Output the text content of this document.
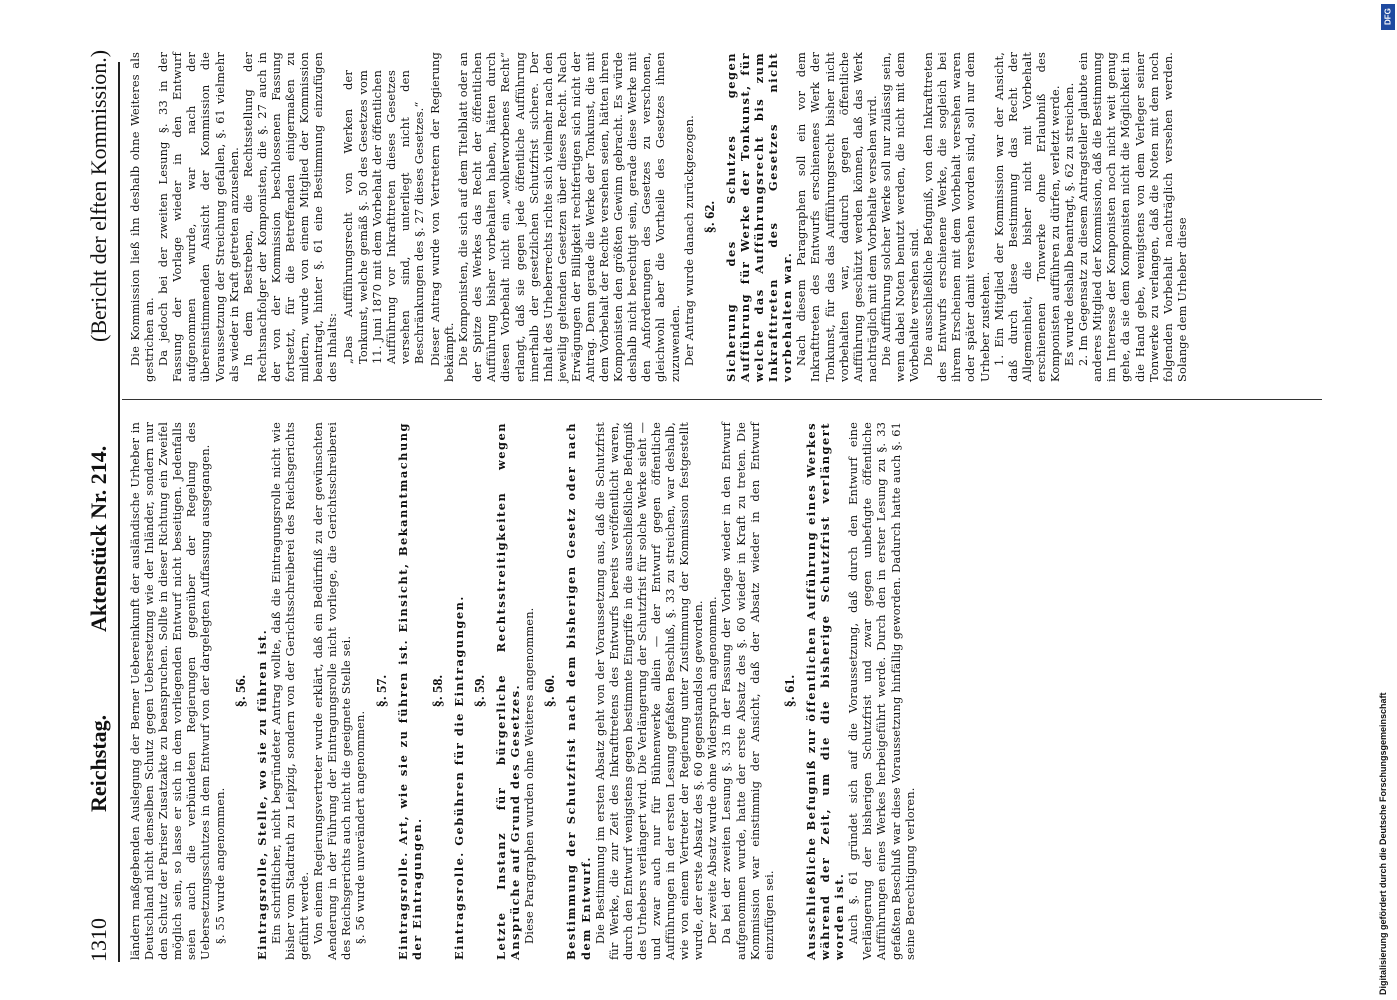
1310
Reichstag.
Aktenstück Nr. 214.
(Bericht der elften Kommission.)

ländern maßgebenden Auslegung der Berner Uebereinkunft der ausländische Urheber in Deutschland nicht denselben Schutz gegen Uebersetzung wie der Inländer, sondern nur den Schutz der Pariser Zusatzakte zu beanspruchen. Sollte in dieser Richtung ein Zweifel möglich sein, so lasse er sich in dem vorliegenden Entwurf nicht beseitigen. Jedenfalls seien auch die verbündeten Regierungen gegenüber der Regelung des Uebersetzungsschutzes in dem Entwurf von der dargelegten Auffassung ausgegangen. §. 55 wurde angenommen.

§. 56. Eintragsrolle, Stelle, wo sie zu führen ist. Ein schriftlicher, nicht begründeter Antrag wollte, daß die Eintragungsrolle nicht wie bisher vom Stadtrath zu Leipzig, sondern von der Gerichtsschreiberei des Reichsgerichts geführt werde. Von einem Regierungsvertreter wurde erklärt, daß ein Bedürfniß zu der gewünschten Aenderung in der Führung der Eintragungsrolle nicht vorliege, die Gerichtsschreiberei des Reichsgerichts auch nicht die geeignete Stelle sei. §. 56 wurde unverändert angenommen.

§. 57. Eintragsrolle. Art, wie sie zu führen ist. Einsicht, Bekanntmachung der Eintragungen.

§. 58. Eintragsrolle. Gebühren für die Eintragungen. §. 59. Letzte Instanz für bürgerliche Rechtsstreitigkeiten wegen Ansprüche auf Grund des Gesetzes. Diese Paragraphen wurden ohne Weiteres angenommen. §. 60. Bestimmung der Schutzfrist nach dem bisherigen Gesetz oder nach dem Entwurf. Die Bestimmung im ersten Absatz geht von der Voraussetzung aus, daß die Schutzfrist für Werke, die zur Zeit des Inkrafttretens des Entwurfs bereits veröffentlicht waren, durch den Entwurf wenigstens gegen bestimmte Eingriffe in die ausschließliche Befugniß des Urhebers verlängert wird. Die Verlängerung der Schutzfrist für solche Werke sieht — und zwar auch nur für Bühnenwerke allein — der Entwurf gegen öffentliche Aufführungen in der ersten Lesung gefaßten Beschluß, §. 33 zu streichen, war deshalb, wie von einem Vertreter der Regierung unter Zustimmung der Kommission festgestellt wurde, der erste Absatz des §. 60 gegenstandslos geworden. Der zweite Absatz wurde ohne Widerspruch angenommen. Da bei der zweiten Lesung §. 33 in der Fassung der Vorlage wieder in den Entwurf aufgenommen wurde, hatte der erste Absatz des §. 60 wieder in Kraft zu treten. Die Kommission war einstimmig der Ansicht, daß der Absatz wieder in den Entwurf einzufügen sei.

§. 61. Ausschließliche Befugniß zur öffentlichen Aufführung eines Werkes während der Zeit, um die die bisherige Schutzfrist verlängert worden ist. Auch §. 61 gründet sich auf die Voraussetzung, daß durch den Entwurf eine Verlängerung der bisherigen Schutzfrist und zwar gegen unbefugte öffentliche Aufführungen eines Werkes herbeigeführt werde. Durch den in erster Lesung zu §. 33 gefaßten Beschluß war diese Voraussetzung hinfällig geworden. Dadurch hatte auch §. 61 seine Berechtigung verloren.

Die Kommission ließ ihn deshalb ohne Weiteres als gestrichen an. Da jedoch bei der zweiten Lesung §. 33 in der Fassung der Vorlage wieder in den Entwurf aufgenommen wurde, war nach der übereinstimmenden Ansicht der Kommission die Voraussetzung der Streichung gefallen, §. 61 vielmehr als wieder in Kraft getreten anzusehen. In dem Bestreben, die Rechtsstellung der Rechtsnachfolger der Komponisten, die §. 27 auch in der von der Kommission beschlossenen Fassung fortsetzt, für die Betreffenden einigermaßen zu mildern, wurde von einem Mitglied der Kommission beantragt, hinter §. 61 eine Bestimmung einzufügen des Inhalts: „Das Aufführungsrecht von Werken der Tonkunst, welche gemäß §. 50 des Gesetzes vom 11. Juni 1870 mit dem Vorbehalt der öffentlichen Aufführung vor Inkrafttreten dieses Gesetzes versehen sind, unterliegt nicht den Beschränkungen des §. 27 dieses Gesetzes.“ Dieser Antrag wurde von Vertretern der Regierung bekämpft. Die Komponisten, die sich auf dem Titelblatt oder an der Spitze des Werkes das Recht der öffentlichen Aufführung bisher vorbehalten haben, hätten durch diesen Vorbehalt nicht ein „wohlerworbenes Recht“ erlangt, daß sie gegen jede öffentliche Aufführung innerhalb der gesetzlichen Schutzfrist sichere. Der Inhalt des Urheberrechts richte sich vielmehr nach den jeweilig geltenden Gesetzen über dieses Recht. Nach Erwägungen der Billigkeit rechtfertigen sich nicht der Antrag. Denn gerade die Werke der Tonkunst, die mit dem Vorbehalt der Rechte versehen seien, hätten ihren Komponisten den größten Gewinn gebracht. Es würde deshalb nicht berechtigt sein, gerade diese Werke mit den Anforderungen des Gesetzes zu verschonen, gleichwohl aber die Vortheile des Gesetzes ihnen zuzuwenden. Der Antrag wurde danach zurückgezogen. §. 62. Sicherung des Schutzes gegen Aufführung für Werke der Tonkunst, für welche das Aufführungsrecht bis zum Inkrafttreten des Gesetzes nicht vorbehalten war. Nach diesem Paragraphen soll ein vor dem Inkrafttreten des Entwurfs erschienenes Werk der Tonkunst, für das das Aufführungsrecht bisher nicht vorbehalten war, dadurch gegen öffentliche Aufführung geschützt werden können, daß das Werk nachträglich mit dem Vorbehalte versehen wird. Die Aufführung solcher Werke soll nur zulässig sein, wenn dabei Noten benutzt werden, die nicht mit dem Vorbehalte versehen sind. Die ausschließliche Befugniß, von den Inkrafttreten des Entwurfs erschienene Werke, die sogleich bei ihrem Erscheinen mit dem Vorbehalt versehen waren oder später damit versehen worden sind, soll nur dem Urheber zustehen. 1. Ein Mitglied der Kommission war der Ansicht, daß durch diese Bestimmung das Recht der Allgemeinheit, die bisher nicht mit Vorbehalt erschienenen Tonwerke ohne Erlaubniß des Komponisten aufführen zu dürfen, verletzt werde. Es wurde deshalb beantragt, §. 62 zu streichen. 2. Im Gegensatz zu diesem Antragsteller glaubte ein anderes Mitglied der Kommission, daß die Bestimmung im Interesse der Komponisten noch nicht weit genug gehe, da sie dem Komponisten nicht die Möglichkeit in die Hand gebe, wenigstens von dem Verleger seiner Tonwerke zu verlangen, daß die Noten mit dem noch folgenden Vorbehalt nachträglich versehen werden. Solange dem Urheber diese

Digitalisierung gefördert durch die Deutsche Forschungsgemeinschaft
DFG
